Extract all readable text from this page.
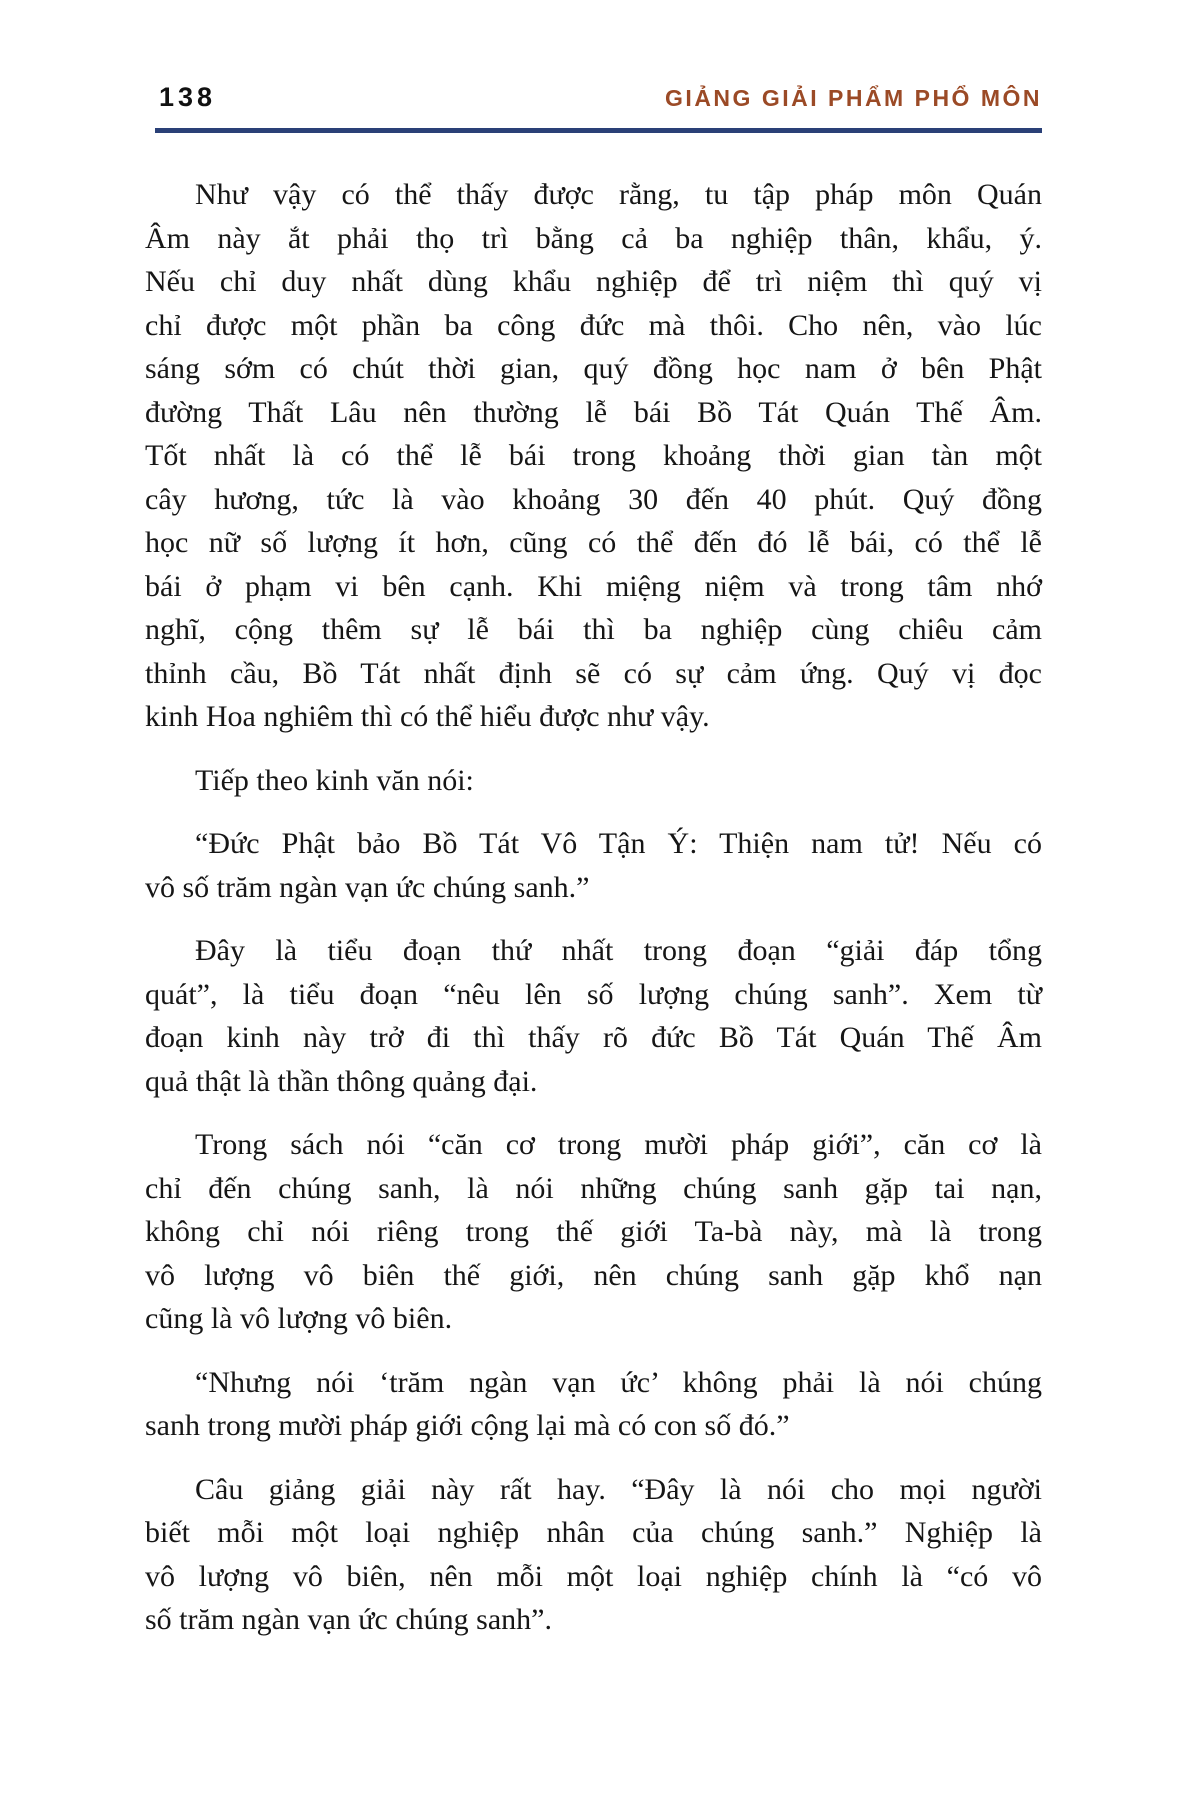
138	GIẢNG GIẢI PHẨM PHỔ MÔN
Như vậy có thể thấy được rằng, tu tập pháp môn Quán
Âm này ắt phải thọ trì bằng cả ba nghiệp thân, khẩu, ý.
Nếu chỉ duy nhất dùng khẩu nghiệp để trì niệm thì quý vị
chỉ được một phần ba công đức mà thôi. Cho nên, vào lúc
sáng sớm có chút thời gian, quý đồng học nam ở bên Phật
đường Thất Lâu nên thường lễ bái Bồ Tát Quán Thế Âm.
Tốt nhất là có thể lễ bái trong khoảng thời gian tàn một
cây hương, tức là vào khoảng 30 đến 40 phút. Quý đồng
học nữ số lượng ít hơn, cũng có thể đến đó lễ bái, có thể lễ
bái ở phạm vi bên cạnh. Khi miệng niệm và trong tâm nhớ
nghĩ, cộng thêm sự lễ bái thì ba nghiệp cùng chiêu cảm
thỉnh cầu, Bồ Tát nhất định sẽ có sự cảm ứng. Quý vị đọc
kinh Hoa nghiêm thì có thể hiểu được như vậy.
Tiếp theo kinh văn nói:
“Đức Phật bảo Bồ Tát Vô Tận Ý: Thiện nam tử! Nếu có
vô số trăm ngàn vạn ức chúng sanh.”
Đây là tiểu đoạn thứ nhất trong đoạn “giải đáp tổng
quát”, là tiểu đoạn “nêu lên số lượng chúng sanh”. Xem từ
đoạn kinh này trở đi thì thấy rõ đức Bồ Tát Quán Thế Âm
quả thật là thần thông quảng đại.
Trong sách nói “căn cơ trong mười pháp giới”, căn cơ là
chỉ đến chúng sanh, là nói những chúng sanh gặp tai nạn,
không chỉ nói riêng trong thế giới Ta-bà này, mà là trong
vô lượng vô biên thế giới, nên chúng sanh gặp khổ nạn
cũng là vô lượng vô biên.
“Nhưng nói ‘trăm ngàn vạn ức’ không phải là nói chúng
sanh trong mười pháp giới cộng lại mà có con số đó.”
Câu giảng giải này rất hay. “Đây là nói cho mọi người
biết mỗi một loại nghiệp nhân của chúng sanh.” Nghiệp là
vô lượng vô biên, nên mỗi một loại nghiệp chính là “có vô
số trăm ngàn vạn ức chúng sanh”.
